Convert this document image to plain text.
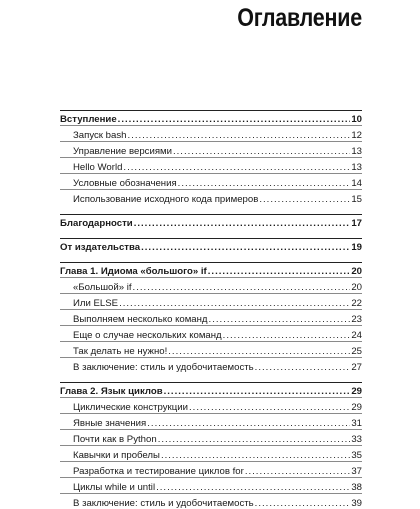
Оглавление
Вступление .....	10
Запуск bash .....	12
Управление версиями .....	13
Hello World .....	13
Условные обозначения .....	14
Использование исходного кода примеров .....	15
Благодарности .....	17
От издательства .....	19
Глава 1. Идиома «большого» if .....	20
«Большой» if .....	20
Или ELSE .....	22
Выполняем несколько команд .....	23
Еще о случае нескольких команд .....	24
Так делать не нужно! .....	25
В заключение: стиль и удобочитаемость .....	27
Глава 2. Язык циклов .....	29
Циклические конструкции .....	29
Явные значения .....	31
Почти как в Python .....	33
Кавычки и пробелы .....	35
Разработка и тестирование циклов for .....	37
Циклы while и until .....	38
В заключение: стиль и удобочитаемость .....	39
